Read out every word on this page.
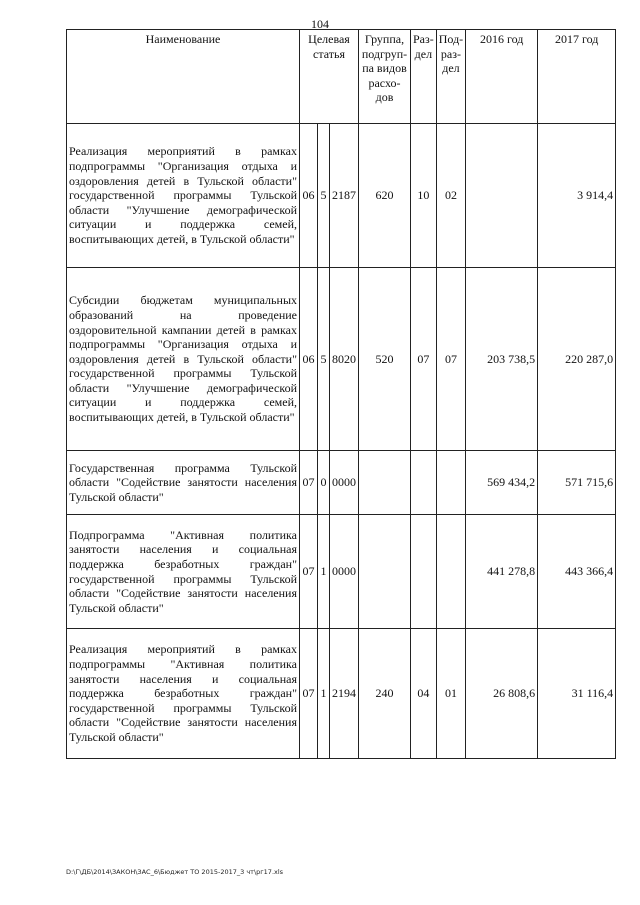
104
Наименование	Целевая статья			Группа, подгруп-па видов расхо-дов	Раз-дел	Под-раз-дел	2016 год	2017 год
Реализация мероприятий в рамках подпрограммы "Организация отдыха и оздоровления детей в Тульской области" государственной программы Тульской области "Улучшение демографической ситуации и поддержка семей, воспитывающих детей, в Тульской области"	06	5	2187	620	10	02		3 914,4
Субсидии бюджетам муниципальных образований на проведение оздоровительной кампании детей в рамках подпрограммы "Организация отдыха и оздоровления детей в Тульской области" государственной программы Тульской области "Улучшение демографической ситуации и поддержка семей, воспитывающих детей, в Тульской области"	06	5	8020	520	07	07	203 738,5	220 287,0
Государственная программа Тульской области "Содействие занятости населения Тульской области"	07	0	0000				569 434,2	571 715,6
Подпрограмма "Активная политика занятости населения и социальная поддержка безработных граждан" государственной программы Тульской области "Содействие занятости населения Тульской области"	07	1	0000				441 278,8	443 366,4
Реализация мероприятий в рамках подпрограммы "Активная политика занятости населения и социальная поддержка безработных граждан" государственной программы Тульской области "Содействие занятости населения Тульской области"	07	1	2194	240	04	01	26 808,6	31 116,4
D:\Г\ДБ\2014\ЗАКОН\ЗАС_6\Бюджет ТО 2015-2017_3 чт\рг17.xls
